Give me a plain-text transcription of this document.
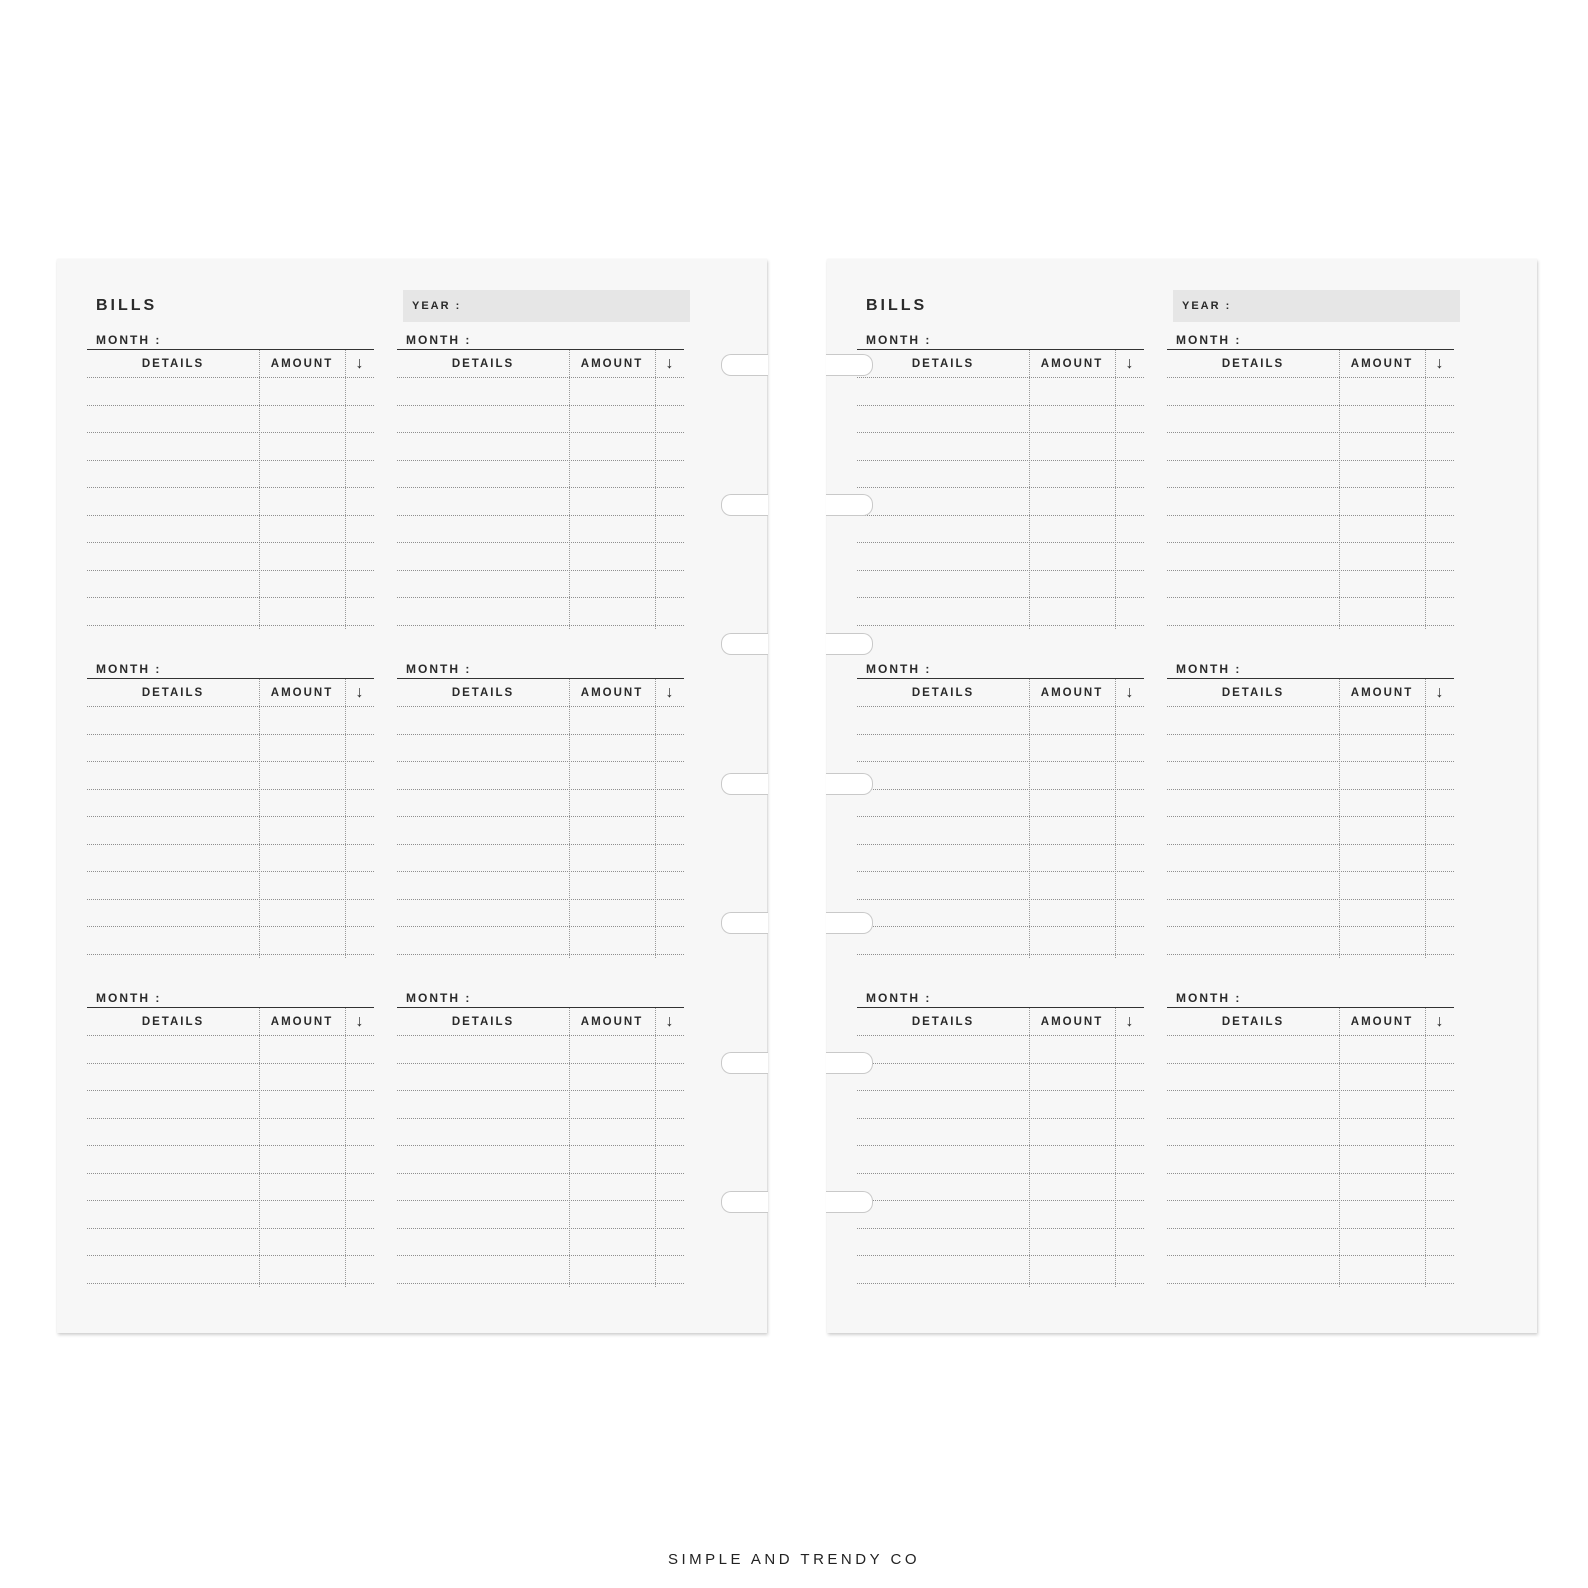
BILLS	YEAR :
MONTH :
DETAILS	AMOUNT	↓
MONTH :
DETAILS	AMOUNT	↓
MONTH :
DETAILS	AMOUNT	↓
MONTH :
DETAILS	AMOUNT	↓
MONTH :
DETAILS	AMOUNT	↓
MONTH :
DETAILS	AMOUNT	↓
BILLS	YEAR :
MONTH :
DETAILS	AMOUNT	↓
MONTH :
DETAILS	AMOUNT	↓
MONTH :
DETAILS	AMOUNT	↓
MONTH :
DETAILS	AMOUNT	↓
MONTH :
DETAILS	AMOUNT	↓
MONTH :
DETAILS	AMOUNT	↓
SIMPLE AND TRENDY CO
